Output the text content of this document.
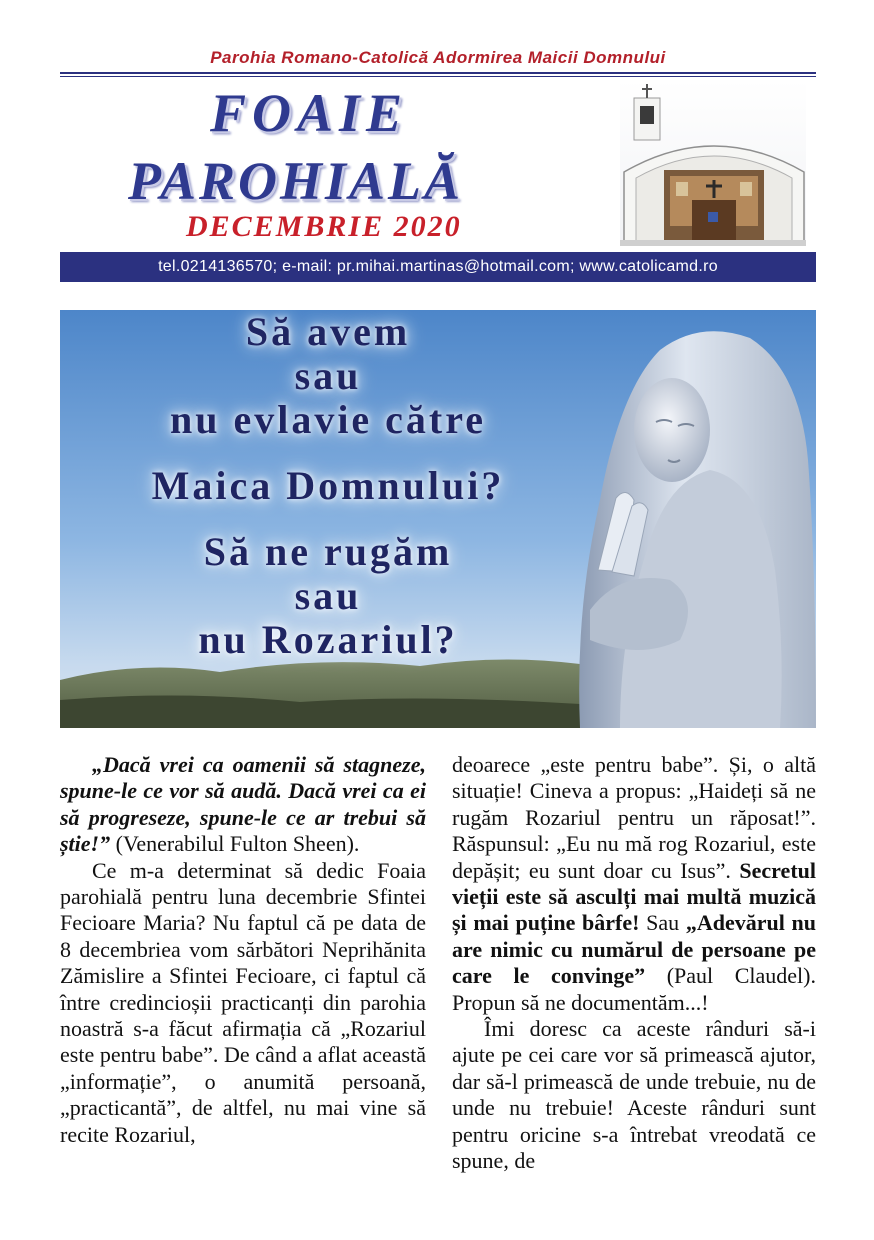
Parohia Romano-Catolică Adormirea Maicii Domnului
FOAIE
PAROHIALĂ
DECEMBRIE 2020
tel.0214136570; e-mail: pr.mihai.martinas@hotmail.com; www.catolicamd.ro
Să avem
sau
nu evlavie către
Maica Domnului?
Să ne rugăm
sau
nu Rozariul?

„Dacă vrei ca oamenii să stagneze, spune-le ce vor să audă. Dacă vrei ca ei să progreseze, spune-le ce ar trebui să știe!” (Venerabilul Fulton Sheen).

Ce m-a determinat să dedic Foaia parohială pentru luna decembrie Sfintei Fecioare Maria? Nu faptul că pe data de 8 decembriea vom sărbători Neprihănita Zămislire a Sfintei Fecioare, ci faptul că între credincioșii practicanți din parohia noastră s-a făcut afirmația că „Rozariul este pentru babe”. De când a aflat această „informație”, o anumită persoană, „practicantă”, de altfel, nu mai vine să recite Rozariul,

deoarece „este pentru babe”. Și, o altă situație! Cineva a propus: „Haideți să ne rugăm Rozariul pentru un răposat!”. Răspunsul: „Eu nu mă rog Rozariul, este depășit; eu sunt doar cu Isus”. Secretul vieții este să asculți mai multă muzică și mai puține bârfe! Sau „Adevărul nu are nimic cu numărul de persoane pe care le convinge” (Paul Claudel). Propun să ne documentăm...!

Îmi doresc ca aceste rânduri să-i ajute pe cei care vor să primească ajutor, dar să-l primească de unde trebuie, nu de unde nu trebuie! Aceste rânduri sunt pentru oricine s-a întrebat vreodată ce spune, de
